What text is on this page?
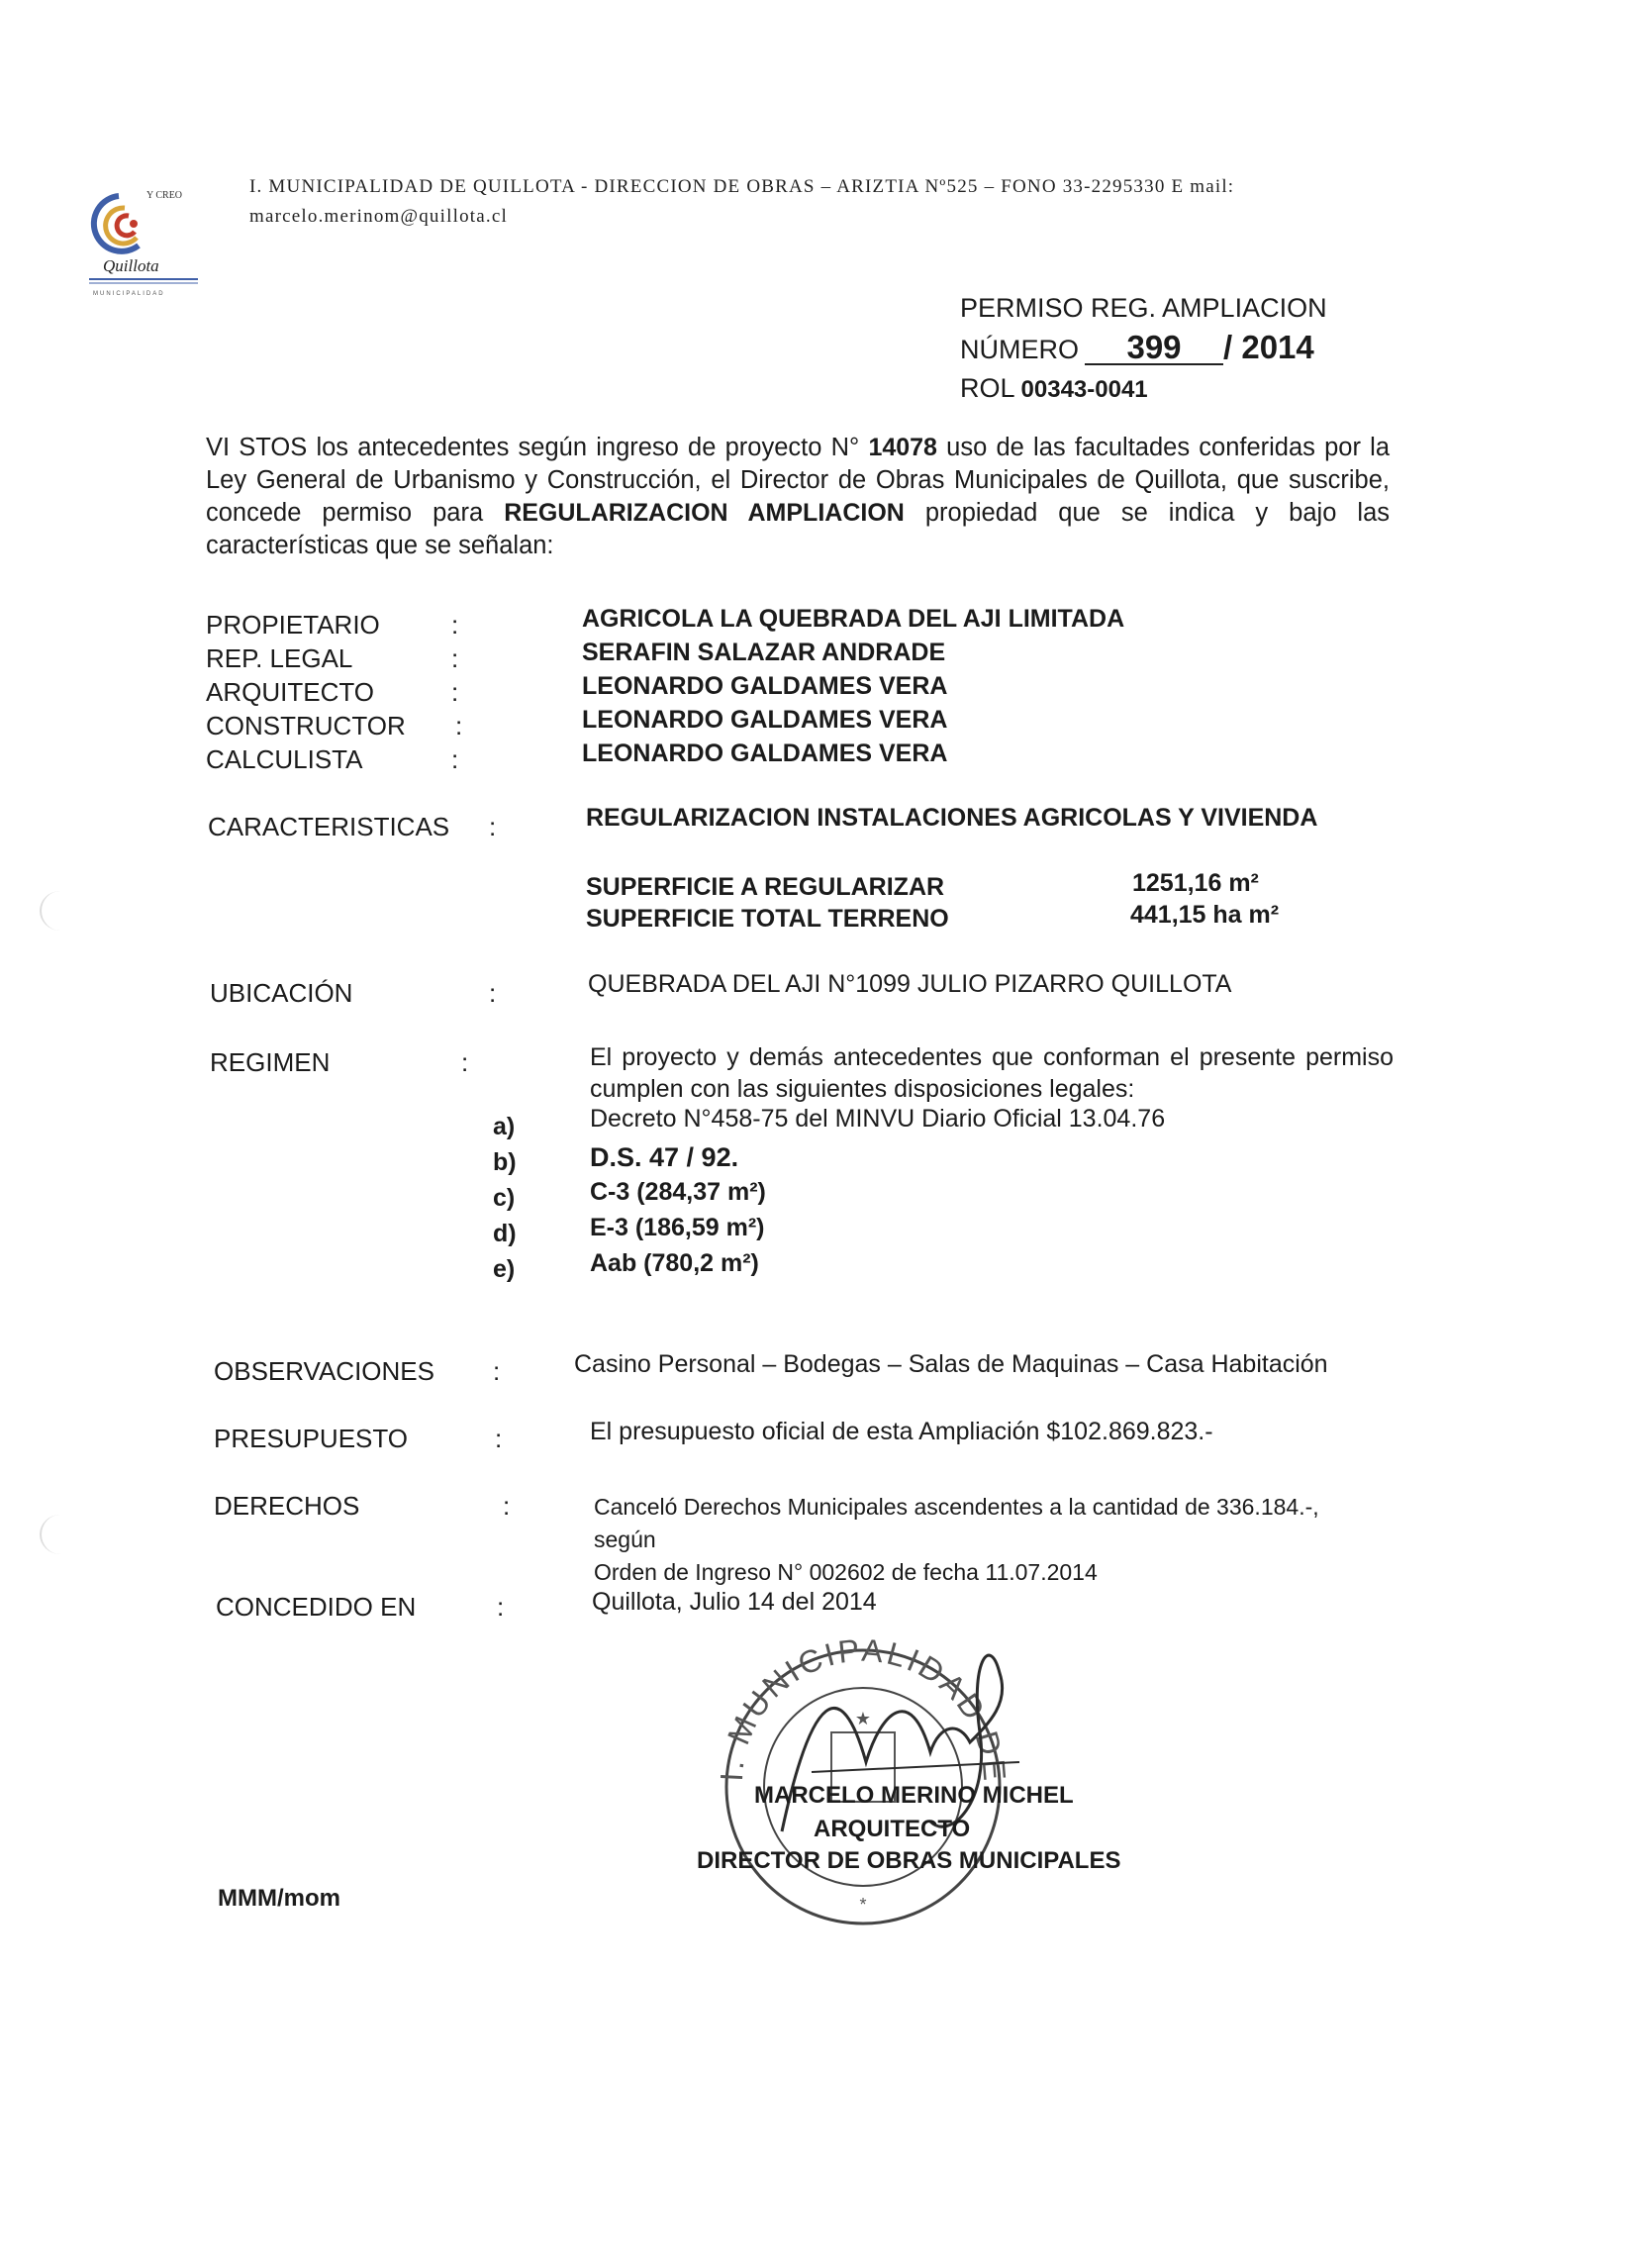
Y CREO
Quillota
MUNICIPALIDAD
I. MUNICIPALIDAD DE QUILLOTA - DIRECCION DE OBRAS – ARIZTIA Nº525 – FONO 33-2295330 E mail:
marcelo.merinom@quillota.cl
PERMISO REG. AMPLIACION
NÚMERO 399 / 2014
ROL 00343-0041
VI STOS los antecedentes según ingreso de proyecto N° 14078 uso de las facultades conferidas por la Ley General de Urbanismo y Construcción, el Director de Obras Municipales de Quillota, que suscribe, concede permiso para REGULARIZACION AMPLIACION propiedad que se indica y bajo las características que se señalan:
PROPIETARIO	:	AGRICOLA LA QUEBRADA DEL AJI LIMITADA
REP. LEGAL	:	SERAFIN SALAZAR ANDRADE
ARQUITECTO	:	LEONARDO GALDAMES VERA
CONSTRUCTOR :	LEONARDO GALDAMES VERA
CALCULISTA	:	LEONARDO GALDAMES VERA
CARACTERISTICAS :	REGULARIZACION INSTALACIONES AGRICOLAS Y VIVIENDA
SUPERFICIE A REGULARIZAR	1251,16 m²
SUPERFICIE TOTAL TERRENO	441,15 ha m²
UBICACIÓN	:	QUEBRADA DEL AJI N°1099 JULIO PIZARRO QUILLOTA
REGIMEN	:	El proyecto y demás antecedentes que conforman el presente permiso cumplen con las siguientes disposiciones legales:
a)	Decreto N°458-75 del MINVU Diario Oficial 13.04.76
b)	D.S. 47 / 92.
c)	C-3 (284,37 m²)
d)	E-3 (186,59 m²)
e)	Aab (780,2 m²)
OBSERVACIONES :	Casino Personal – Bodegas – Salas de Maquinas – Casa Habitación
PRESUPUESTO	:	El presupuesto oficial de esta Ampliación $102.869.823.-
DERECHOS	:	Canceló Derechos Municipales ascendentes a la cantidad de 336.184.-, según
Orden de Ingreso N° 002602 de fecha 11.07.2014
CONCEDIDO EN	:	Quillota, Julio 14 del 2014
I. MUNICIPALIDAD DE
★
*
MARCELO MERINO MICHEL
ARQUITECTO
DIRECTOR DE OBRAS MUNICIPALES
MMM/mom
